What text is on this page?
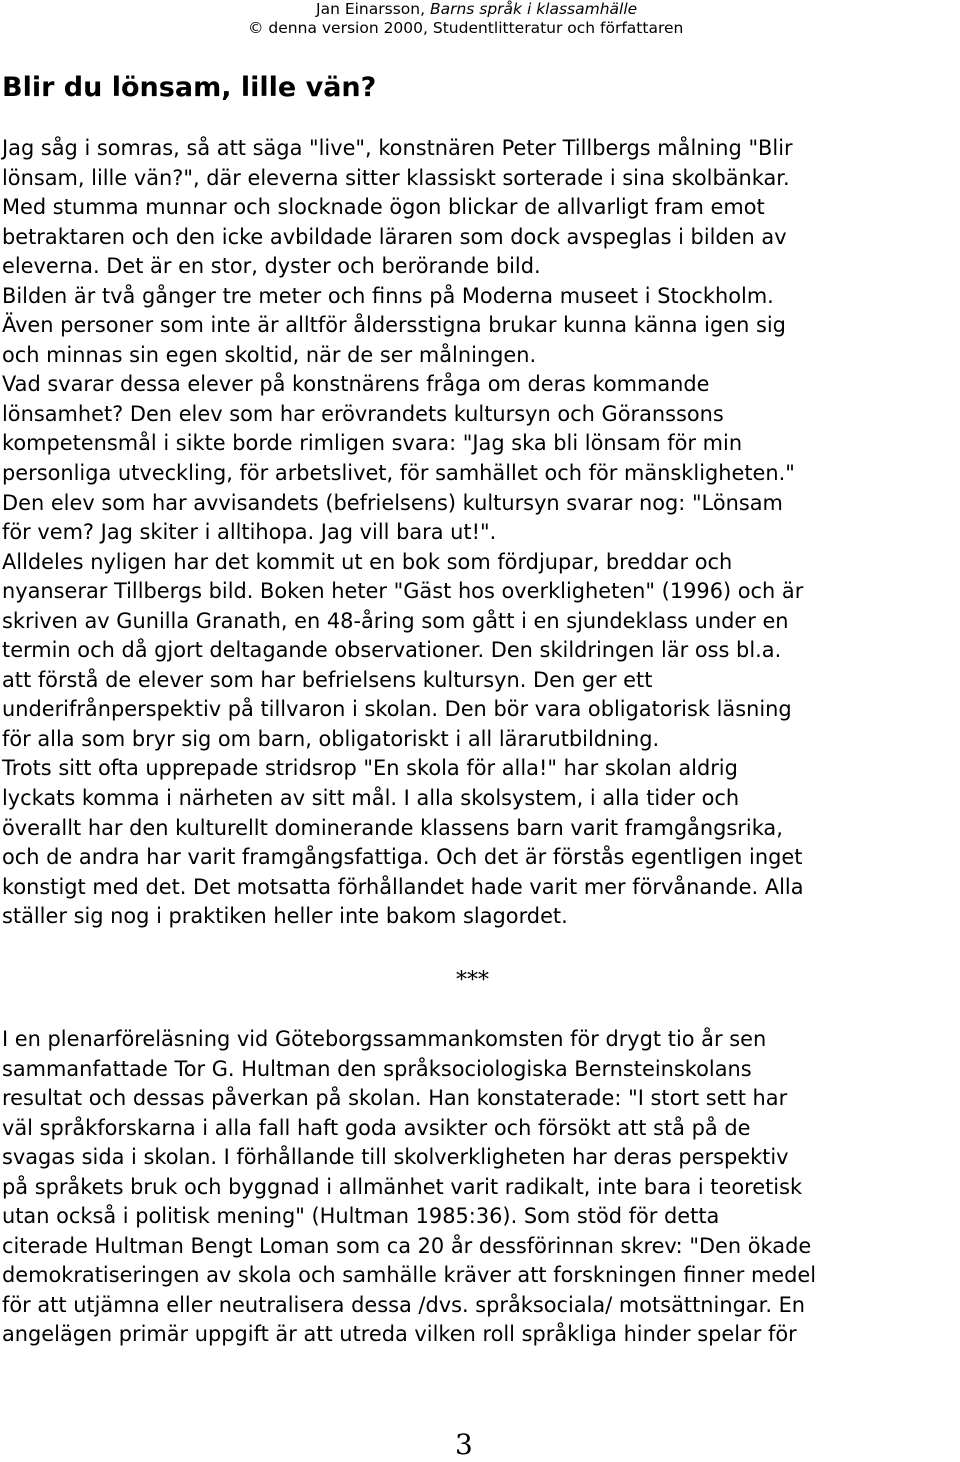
Jan Einarsson, Barns språk i klassamhälle
© denna version 2000, Studentlitteratur och författaren
Blir du lönsam, lille vän?
Jag såg i somras, så att säga "live", konstnären Peter Tillbergs målning "Blir
lönsam, lille vän?", där eleverna sitter klassiskt sorterade i sina skolbänkar.
Med stumma munnar och slocknade ögon blickar de allvarligt fram emot
betraktaren och den icke avbildade läraren som dock avspeglas i bilden av
eleverna. Det är en stor, dyster och berörande bild.
Bilden är två gånger tre meter och finns på Moderna museet i Stockholm.
Även personer som inte är alltför åldersstigna brukar kunna känna igen sig
och minnas sin egen skoltid, när de ser målningen.
Vad svarar dessa elever på konstnärens fråga om deras kommande
lönsamhet? Den elev som har erövrandets kultursyn och Göranssons
kompetensmål i sikte borde rimligen svara: "Jag ska bli lönsam för min
personliga utveckling, för arbetslivet, för samhället och för mänskligheten."
Den elev som har avvisandets (befrielsens) kultursyn svarar nog: "Lönsam
för vem? Jag skiter i alltihopa. Jag vill bara ut!".
Alldeles nyligen har det kommit ut en bok som fördjupar, breddar och
nyanserar Tillbergs bild. Boken heter "Gäst hos overkligheten" (1996) och är
skriven av Gunilla Granath, en 48-åring som gått i en sjundeklass under en
termin och då gjort deltagande observationer. Den skildringen lär oss bl.a.
att förstå de elever som har befrielsens kultursyn. Den ger ett
underifrånperspektiv på tillvaron i skolan. Den bör vara obligatorisk läsning
för alla som bryr sig om barn, obligatoriskt i all lärarutbildning.
Trots sitt ofta upprepade stridsrop "En skola för alla!" har skolan aldrig
lyckats komma i närheten av sitt mål. I alla skolsystem, i alla tider och
överallt har den kulturellt dominerande klassens barn varit framgångsrika,
och de andra har varit framgångsfattiga. Och det är förstås egentligen inget
konstigt med det. Det motsatta förhållandet hade varit mer förvånande. Alla
ställer sig nog i praktiken heller inte bakom slagordet.
***
I en plenarföreläsning vid Göteborgssammankomsten för drygt tio år sen
sammanfattade Tor G. Hultman den språksociologiska Bernsteinskolans
resultat och dessas påverkan på skolan. Han konstaterade: "I stort sett har
väl språkforskarna i alla fall haft goda avsikter och försökt att stå på de
svagas sida i skolan. I förhållande till skolverkligheten har deras perspektiv
på språkets bruk och byggnad i allmänhet varit radikalt, inte bara i teoretisk
utan också i politisk mening" (Hultman 1985:36). Som stöd för detta
citerade Hultman Bengt Loman som ca 20 år dessförinnan skrev: "Den ökade
demokratiseringen av skola och samhälle kräver att forskningen finner medel
för att utjämna eller neutralisera dessa /dvs. språksociala/ motsättningar. En
angelägen primär uppgift är att utreda vilken roll språkliga hinder spelar för
3
